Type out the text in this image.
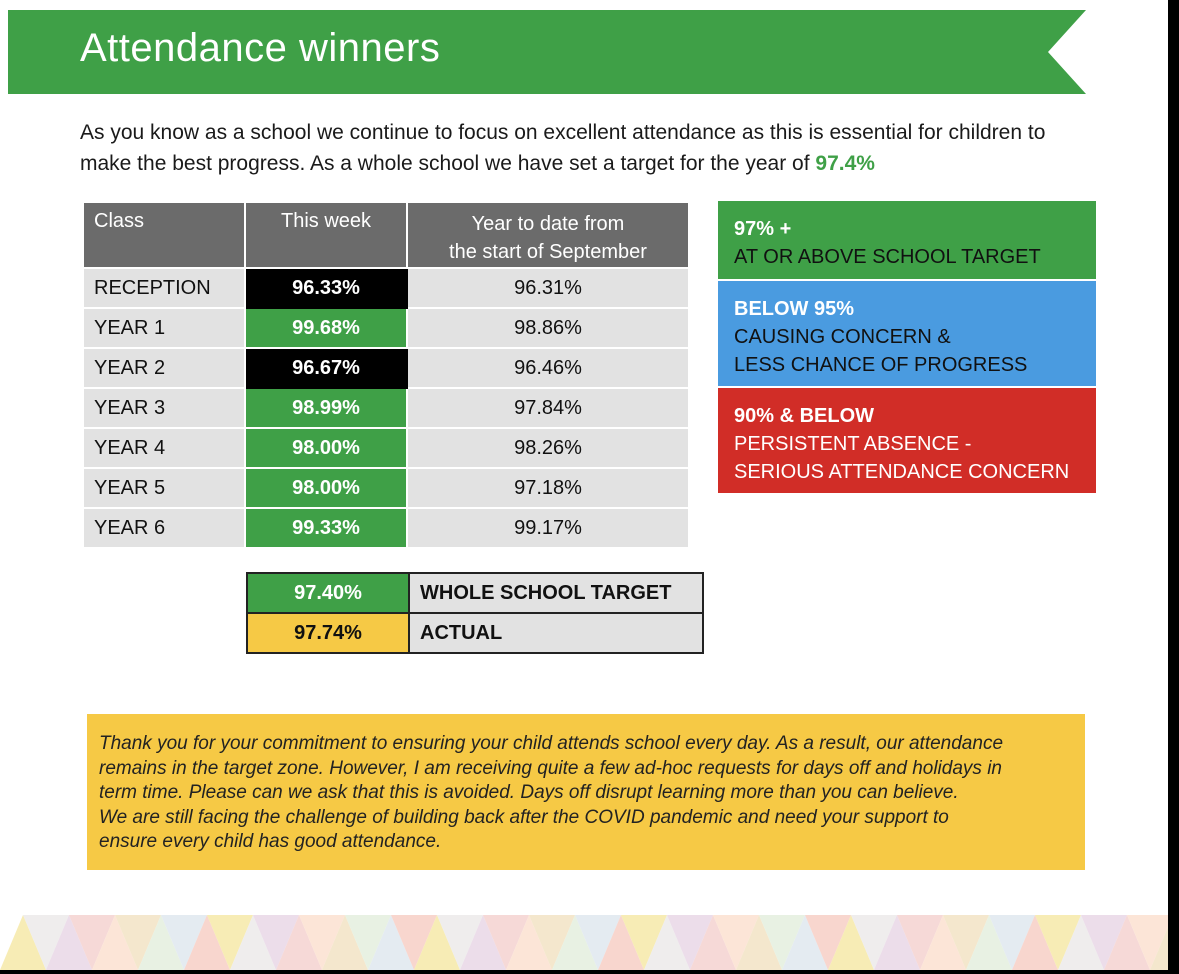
Attendance winners
As you know as a school we continue to focus on excellent attendance as this is essential for children to make the best progress. As a whole school we have set a target for the year of 97.4%
Class	This week	Year to date from
the start of September
RECEPTION	96.33%	96.31%
YEAR 1	99.68%	98.86%
YEAR 2	96.67%	96.46%
YEAR 3	98.99%	97.84%
YEAR 4	98.00%	98.26%
YEAR 5	98.00%	97.18%
YEAR 6	99.33%	99.17%
97.40%	WHOLE SCHOOL TARGET
97.74%	ACTUAL
97% +
AT OR ABOVE SCHOOL TARGET
BELOW 95%
CAUSING CONCERN &
LESS CHANCE OF PROGRESS
90% & BELOW
PERSISTENT ABSENCE -
SERIOUS ATTENDANCE CONCERN
Thank you for your commitment to ensuring your child attends school every day. As a result, our attendance
remains in the target zone. However, I am receiving quite a few ad-hoc requests for days off and holidays in
term time. Please can we ask that this is avoided. Days off disrupt learning more than you can believe.
We are still facing the challenge of building back after the COVID pandemic and need your support to
ensure every child has good attendance.
